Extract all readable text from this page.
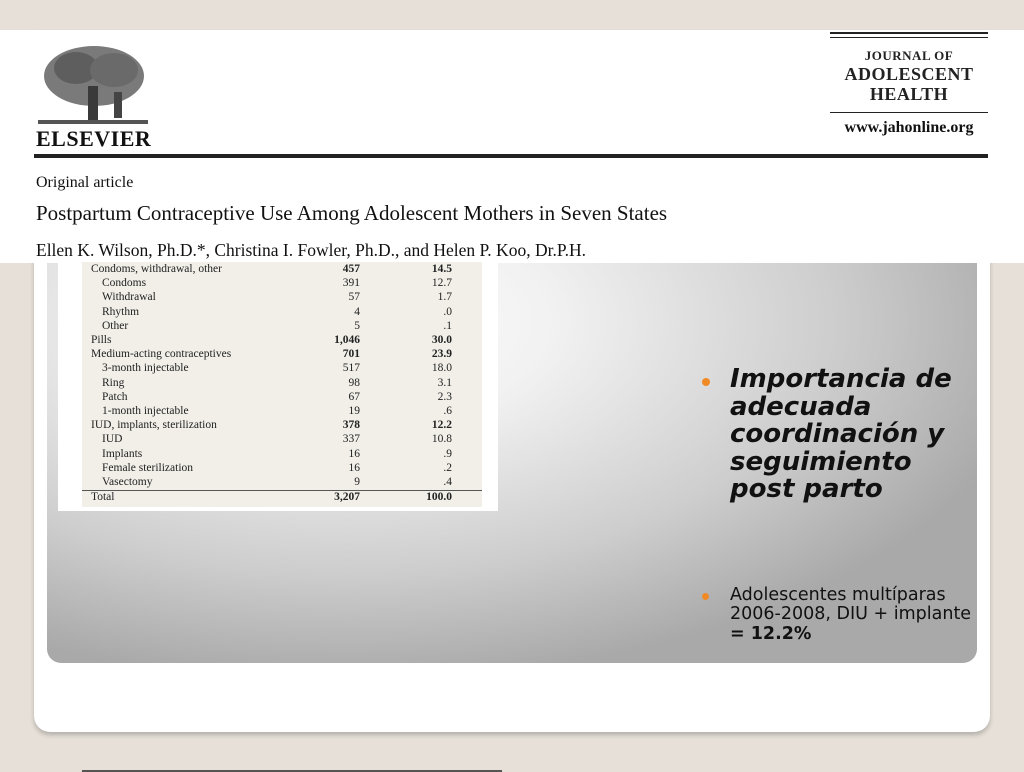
ELSEVIER
JOURNAL OF
ADOLESCENT
HEALTH
www.jahonline.org
Original article
Postpartum Contraceptive Use Among Adolescent Mothers in Seven States
Ellen K. Wilson, Ph.D.*, Christina I. Fowler, Ph.D., and Helen P. Koo, Dr.P.H.
Condoms, withdrawal, other	457	14.5
Condoms	391	12.7
Withdrawal	57	1.7
Rhythm	4	.0
Other	5	.1
Pills	1,046	30.0
Medium-acting contraceptives	701	23.9
3-month injectable	517	18.0
Ring	98	3.1
Patch	67	2.3
1-month injectable	19	.6
IUD, implants, sterilization	378	12.2
IUD	337	10.8
Implants	16	.9
Female sterilization	16	.2
Vasectomy	9	.4
Total	3,207	100.0
Importancia de adecuada coordinación y seguimiento post parto
Adolescentes multíparas 2006-2008, DIU + implante = 12.2%
